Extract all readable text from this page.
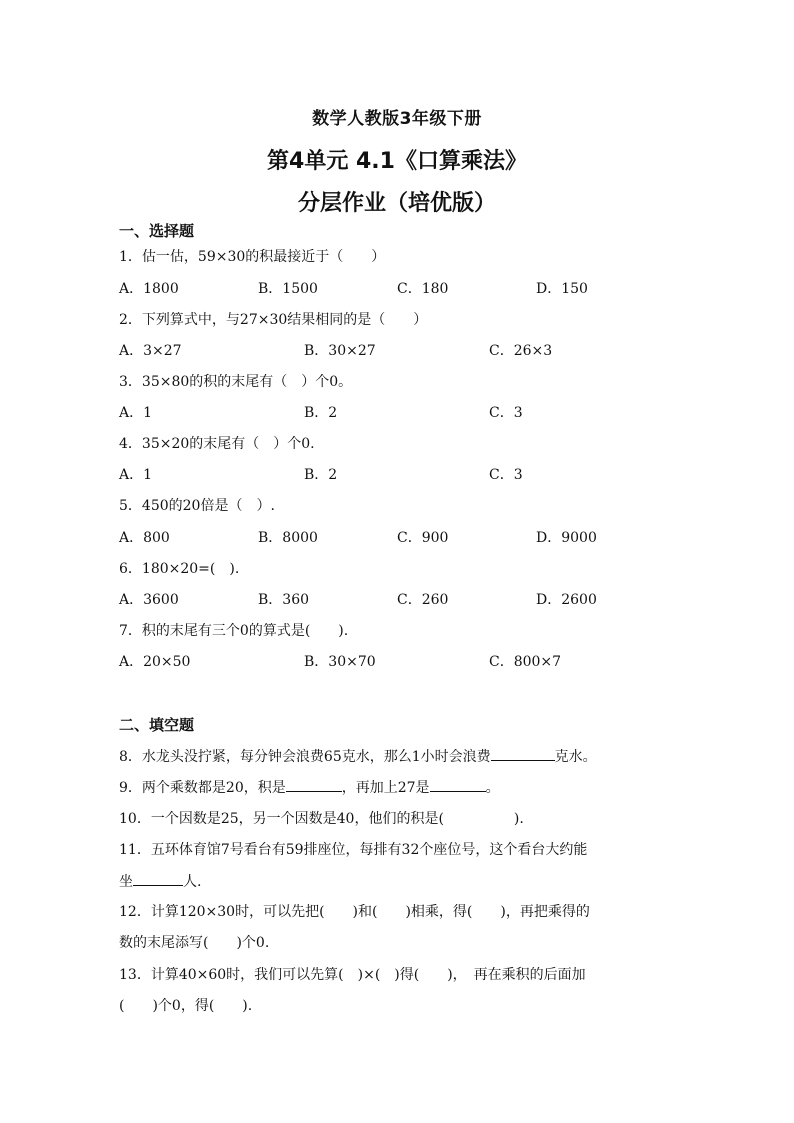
数学人教版3年级下册
第4单元 4.1《口算乘法》
分层作业（培优版）
一、选择题
1．估一估，59×30的积最接近于（　　）
A．1800	B．1500	C．180	D．150
2．下列算式中，与27×30结果相同的是（　　）
A．3×27	B．30×27	C．26×3
3．35×80的积的末尾有（　）个0。
A．1	B．2	C．3
4．35×20的末尾有（　）个0.
A．1	B．2	C．3
5．450的20倍是（　）.
A．800	B．8000	C．900	D．9000
6．180×20=(　).
A．3600	B．360	C．260	D．2600
7．积的末尾有三个0的算式是(　　).
A．20×50	B．30×70	C．800×7
二、填空题
8．水龙头没拧紧，每分钟会浪费65克水，那么1小时会浪费	克水。
9．两个乘数都是20，积是	，再加上27是	。
10．一个因数是25，另一个因数是40，他们的积是(　　　　　).
11．五环体育馆7号看台有59排座位，每排有32个座位号，这个看台大约能
坐	人.
12．计算120×30时，可以先把(　　)和(　　)相乘，得(　　)，再把乘得的
数的末尾添写(　　)个0.
13．计算40×60时，我们可以先算(　)×(　)得(　　)，　再在乘积的后面加
(　　)个0，得(　　).
